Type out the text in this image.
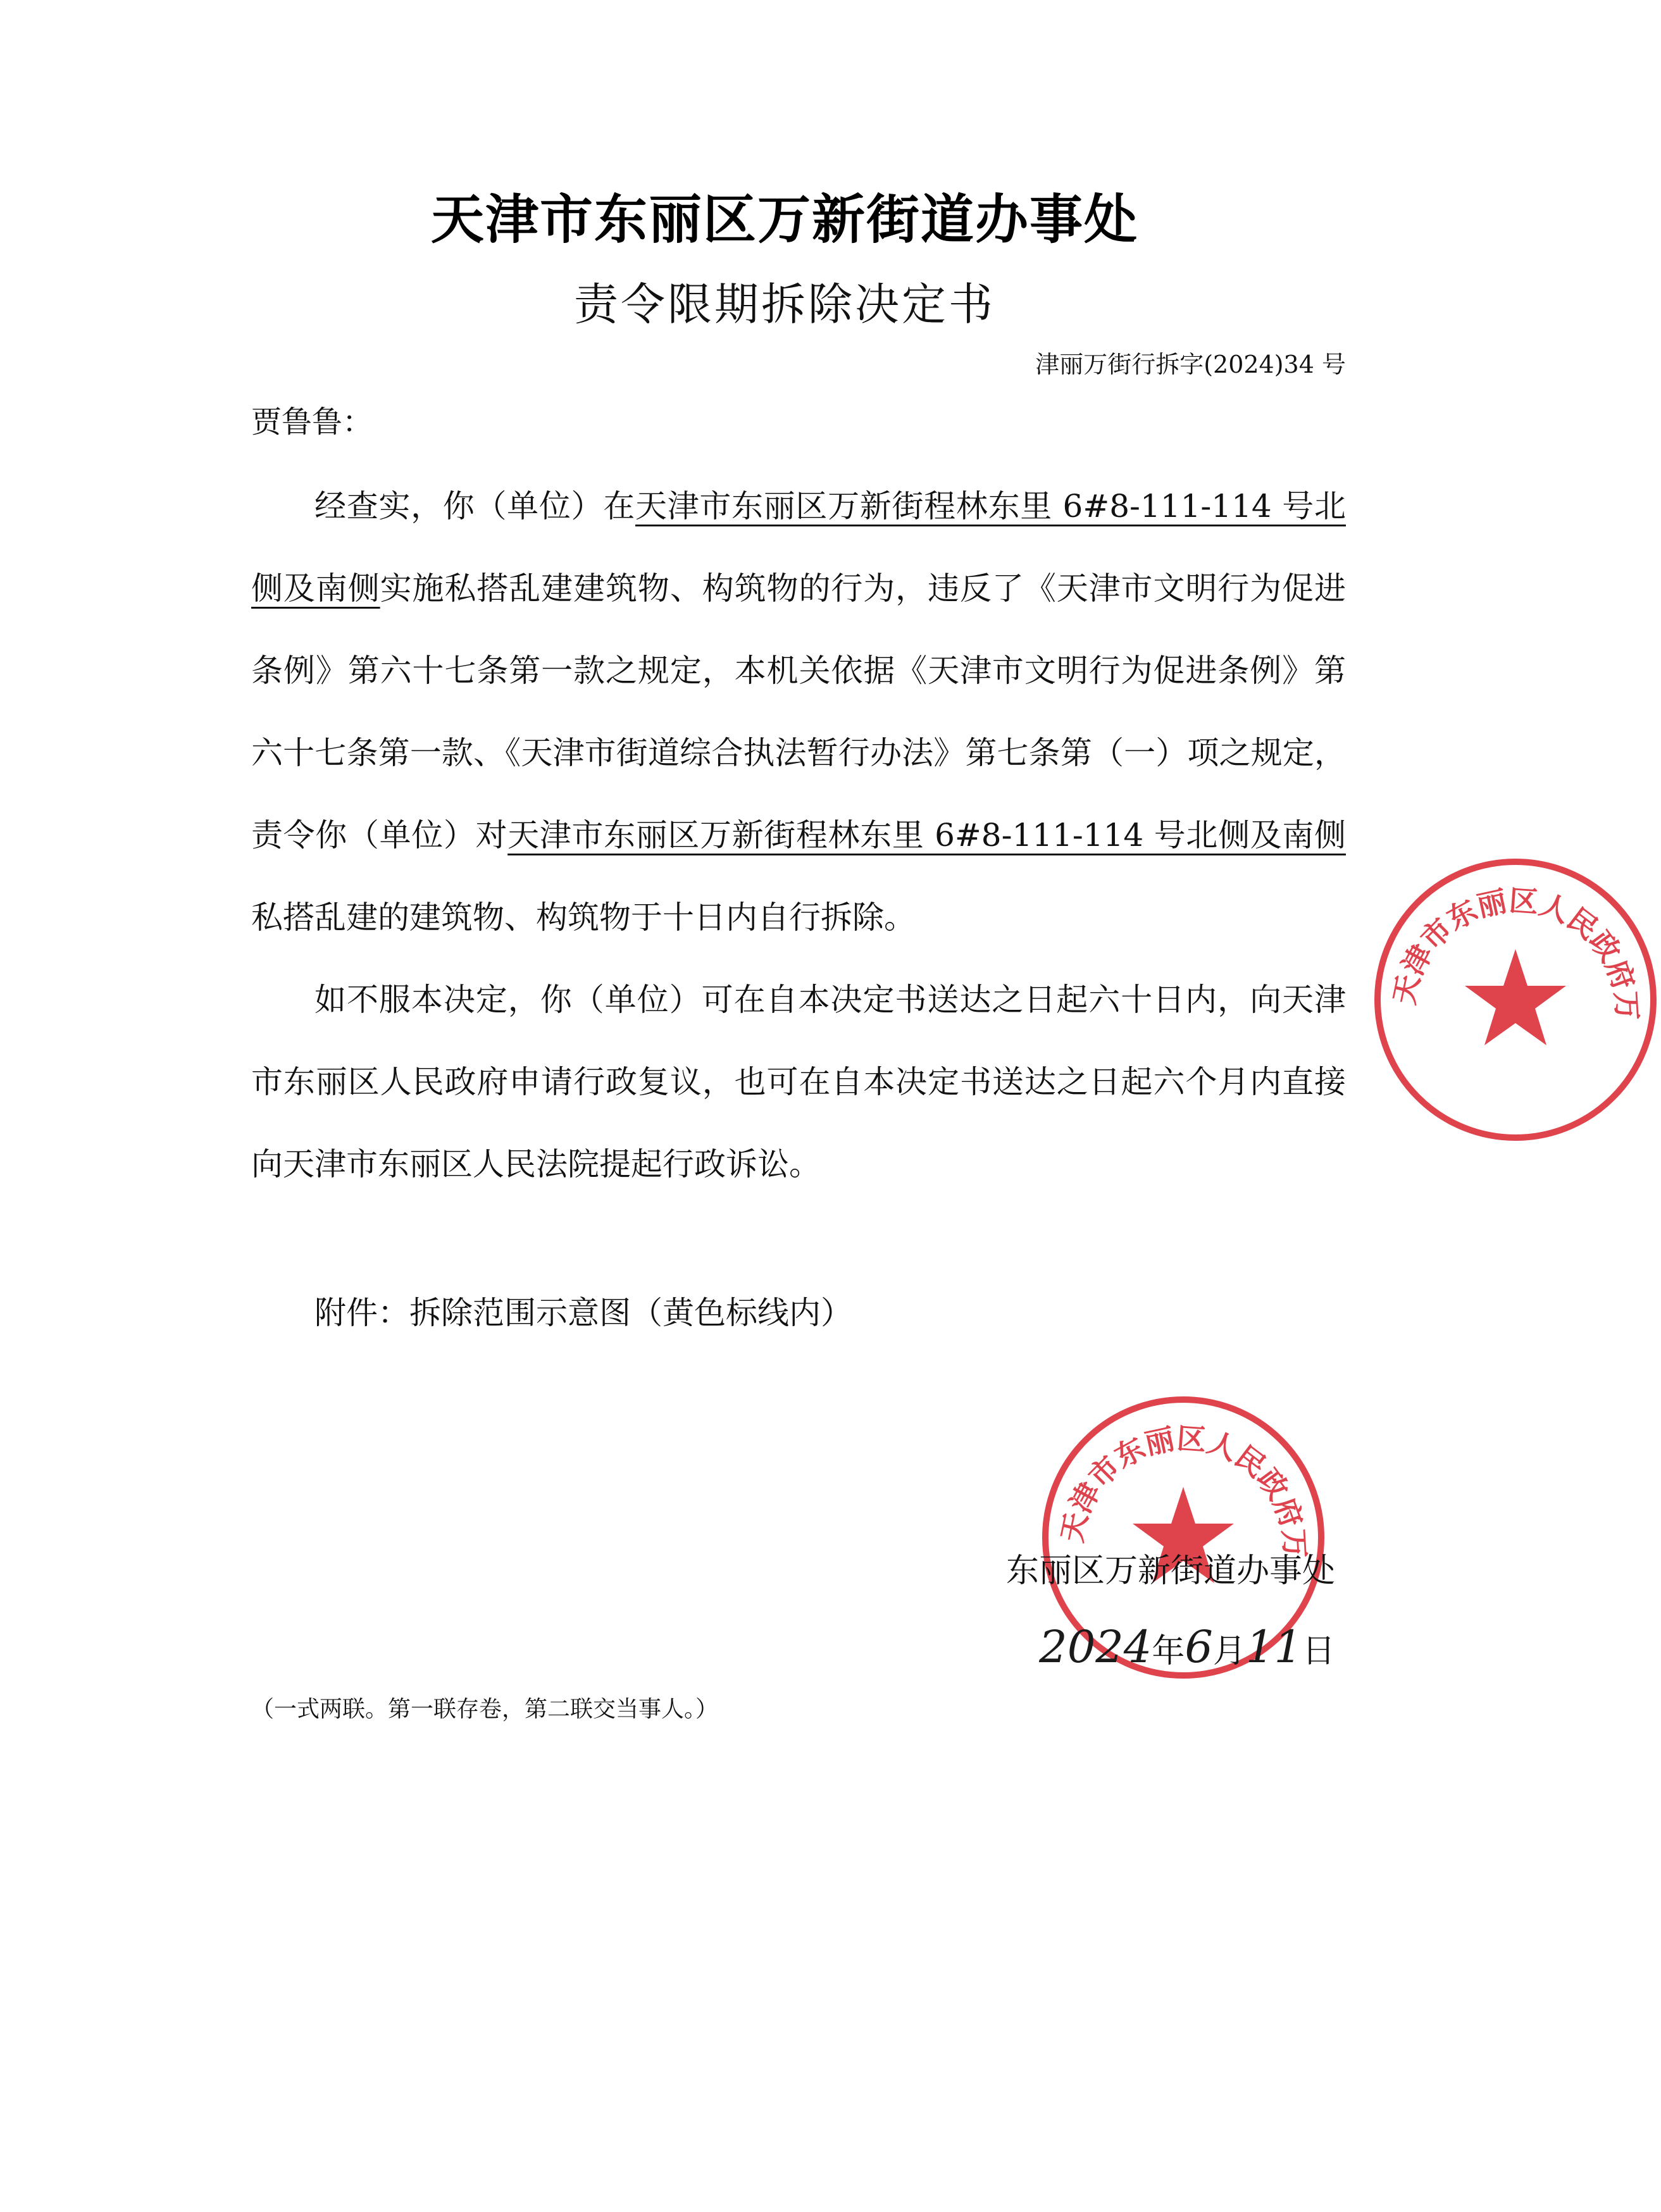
天津市东丽区万新街道办事处
责令限期拆除决定书
津丽万街行拆字(2024)34 号
贾鲁鲁：

经查实，你（单位）在天津市东丽区万新街程林东里 6#8-111-114 号北侧及南侧实施私搭乱建建筑物、构筑物的行为，违反了《天津市文明行为促进条例》第六十七条第一款之规定，本机关依据《天津市文明行为促进条例》第六十七条第一款、《天津市街道综合执法暂行办法》第七条第（一）项之规定，责令你（单位）对天津市东丽区万新街程林东里 6#8-111-114 号北侧及南侧私搭乱建的建筑物、构筑物于十日内自行拆除。

如不服本决定，你（单位）可在自本决定书送达之日起六十日内，向天津市东丽区人民政府申请行政复议，也可在自本决定书送达之日起六个月内直接向天津市东丽区人民法院提起行政诉讼。

附件：拆除范围示意图（黄色标线内）
天津市东丽区人民政府万
天津市东丽区人民政府万
东丽区万新街道办事处
2024年6月11日
（一式两联。第一联存卷，第二联交当事人。）
